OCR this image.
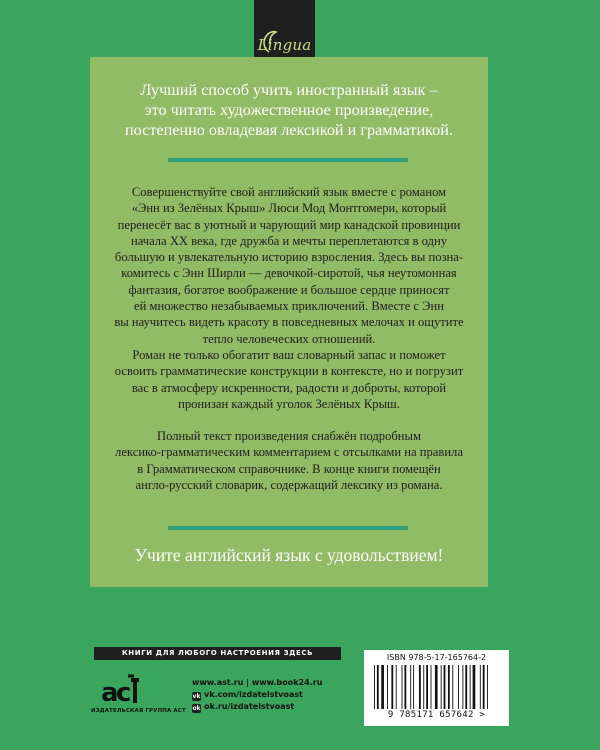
Lingua

Лучший способ учить иностранный язык –

это читать художественное произведение,

постепенно овладевая лексикой и грамматикой.

Совершенствуйте свой английский язык вместе с романом

«Энн из Зелёных Крыш» Люси Мод Монтгомери, который

перенесёт вас в уютный и чарующий мир канадской провинции

начала XX века, где дружба и мечты переплетаются в одну

большую и увлекательную историю взросления. Здесь вы позна-

комитесь с Энн Ширли — девочкой-сиротой, чья неутомонная

фантазия, богатое воображение и большое сердце приносят

ей множество незабываемых приключений. Вместе с Энн

вы научитесь видеть красоту в повседневных мелочах и ощутите

тепло человеческих отношений.

Роман не только обогатит ваш словарный запас и поможет

освоить грамматические конструкции в контексте, но и погрузит

вас в атмосферу искренности, радости и доброты, которой

пронизан каждый уголок Зелёных Крыш.

Полный текст произведения снабжён подробным

лексико-грамматическим комментарием с отсылками на правила

в Грамматическом справочнике. В конце книги помещён

англо-русский словарик, содержащий лексику из романа.

Учите английский язык с удовольствием!
КНИГИ ДЛЯ ЛЮБОГО НАСТРОЕНИЯ ЗДЕСЬ
a
c
ИЗДАТЕЛЬСКАЯ ГРУППА АСТ
www.ast.ru | www.book24.ru
vk vk.com/izdatelstvoast
ok ok.ru/izdatelstvoast
ISBN 978-5-17-165764-2
9 785171 657642 >
